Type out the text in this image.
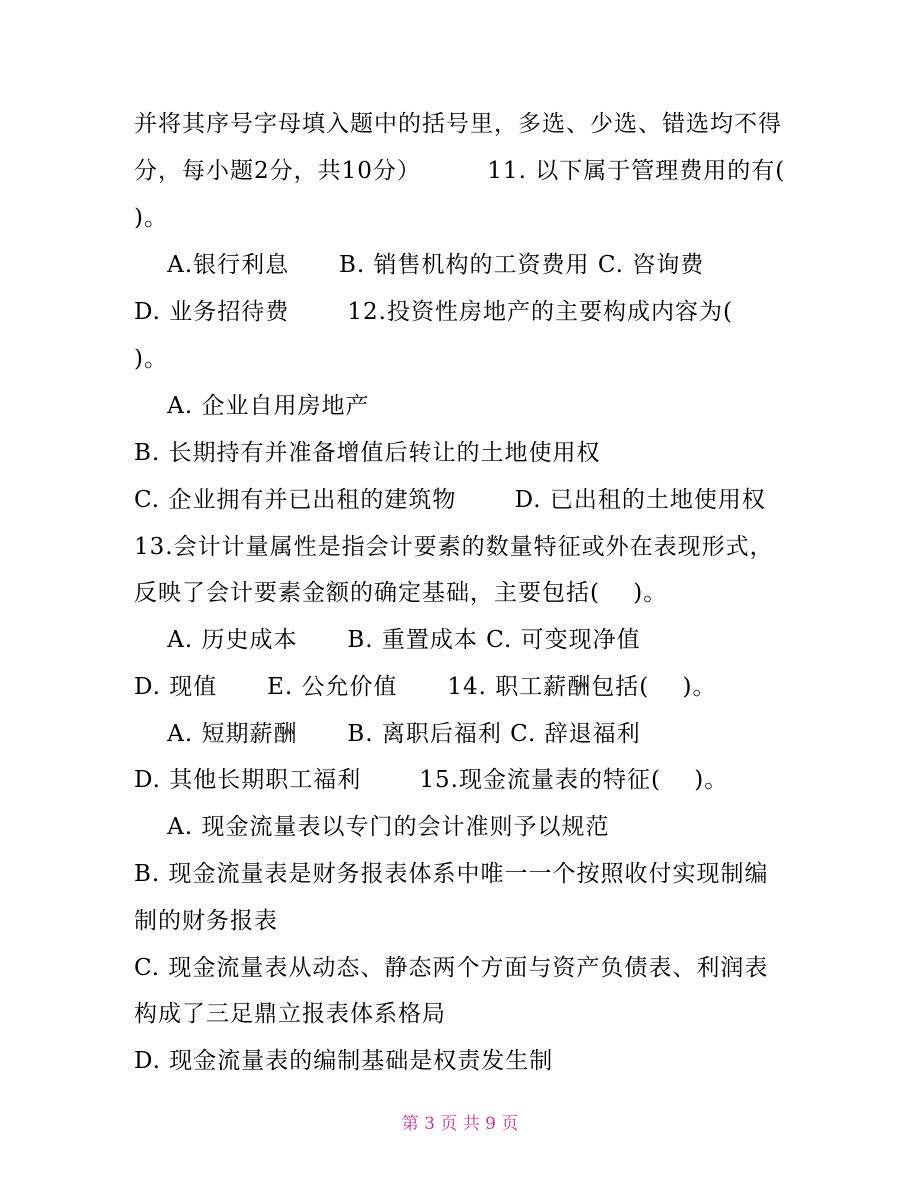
并将其序号字母填入题中的括号里，多选、少选、错选均不得
分，每小题2分，共10分）        11. 以下属于管理费用的有(
)。
A.银行利息      B. 销售机构的工资费用 C. 咨询费
D. 业务招待费       12.投资性房地产的主要构成内容为(
)。
A. 企业自用房地产
B. 长期持有并准备增值后转让的土地使用权
C. 企业拥有并已出租的建筑物       D. 已出租的土地使用权
13.会计计量属性是指会计要素的数量特征或外在表现形式，
反映了会计要素金额的确定基础，主要包括(    )。
A. 历史成本      B. 重置成本 C. 可变现净值
D. 现值      E. 公允价值      14. 职工薪酬包括(    )。
A. 短期薪酬      B. 离职后福利 C. 辞退福利
D. 其他长期职工福利       15.现金流量表的特征(    )。
A. 现金流量表以专门的会计准则予以规范
B. 现金流量表是财务报表体系中唯一一个按照收付实现制编
制的财务报表
C. 现金流量表从动态、静态两个方面与资产负债表、利润表
构成了三足鼎立报表体系格局
D. 现金流量表的编制基础是权责发生制
第 3 页 共 9 页
